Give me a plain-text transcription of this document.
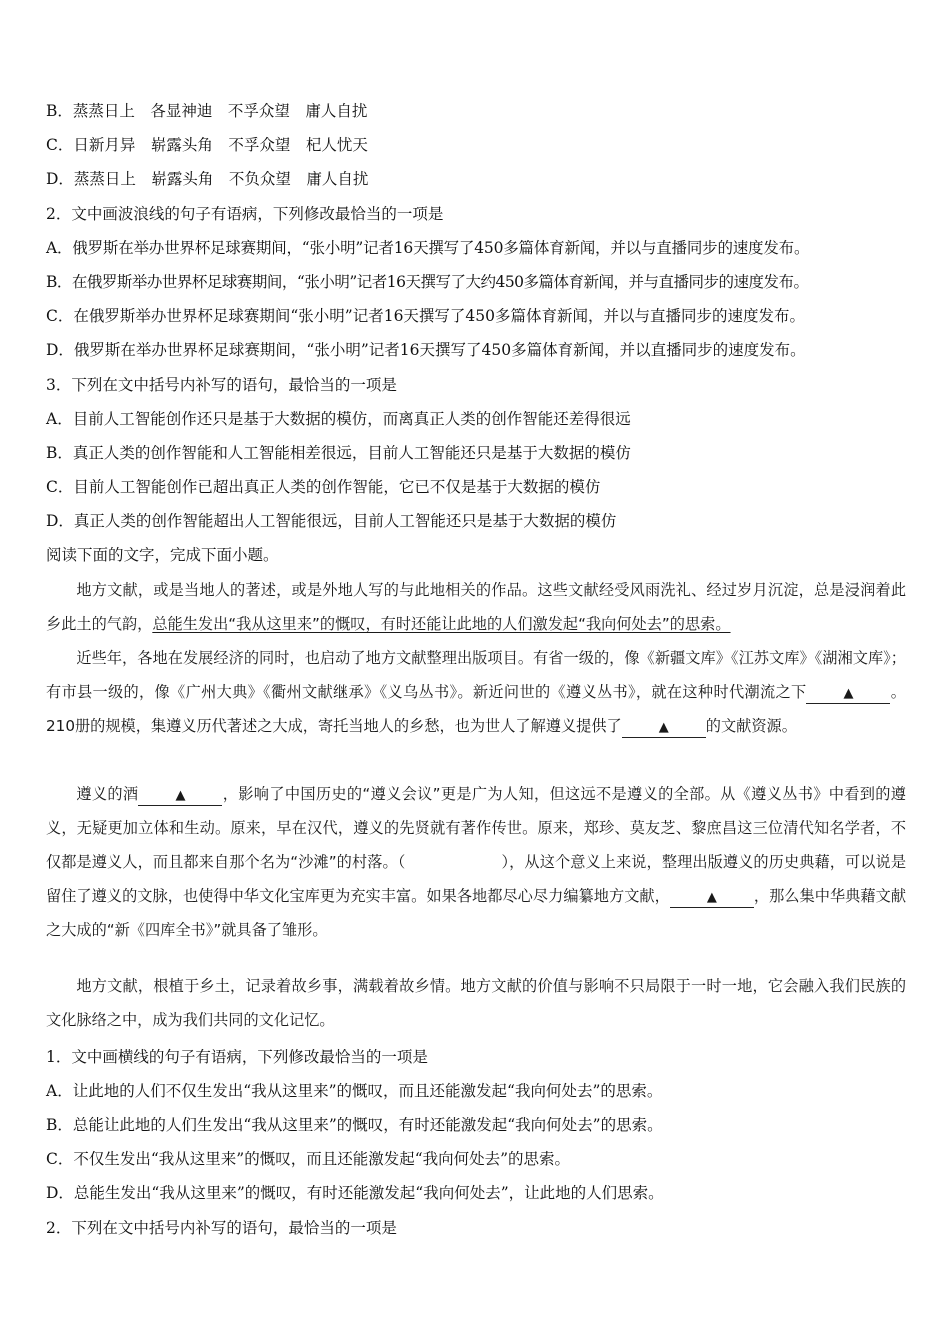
B．蒸蒸日上　各显神迪　不孚众望　庸人自扰
C．日新月异　崭露头角　不孚众望　杞人忧天
D．蒸蒸日上　崭露头角　不负众望　庸人自扰
2．文中画波浪线的句子有语病，下列修改最恰当的一项是
A．俄罗斯在举办世界杯足球赛期间，“张小明”记者16天撰写了450多篇体育新闻，并以与直播同步的速度发布。
B．在俄罗斯举办世界杯足球赛期间，“张小明”记者16天撰写了大约450多篇体育新闻，并与直播同步的速度发布。
C．在俄罗斯举办世界杯足球赛期间“张小明”记者16天撰写了450多篇体育新闻，并以与直播同步的速度发布。
D．俄罗斯在举办世界杯足球赛期间，“张小明”记者16天撰写了450多篇体育新闻，并以直播同步的速度发布。
3．下列在文中括号内补写的语句，最恰当的一项是
A．目前人工智能创作还只是基于大数据的模仿，而离真正人类的创作智能还差得很远
B．真正人类的创作智能和人工智能相差很远，目前人工智能还只是基于大数据的模仿
C．目前人工智能创作已超出真正人类的创作智能，它已不仅是基于大数据的模仿
D．真正人类的创作智能超出人工智能很远，目前人工智能还只是基于大数据的模仿
阅读下面的文字，完成下面小题。
地方文献，或是当地人的著述，或是外地人写的与此地相关的作品。这些文献经受风雨洗礼、经过岁月沉淀，总是浸润着此乡此土的气韵，总能生发出“我从这里来”的慨叹，有时还能让此地的人们激发起“我向何处去”的思索。
近些年，各地在发展经济的同时，也启动了地方文献整理出版项目。有省一级的，像《新疆文库》《江苏文库》《湖湘文库》；有市县一级的，像《广州大典》《衢州文献继承》《义乌丛书》。新近问世的《遵义丛书》，就在这种时代潮流之下	▲ 。210册的规模，集遵义历代著述之大成，寄托当地人的乡愁，也为世人了解遵义提供了	▲ 的文献资源。
遵义的酒	▲ ，影响了中国历史的“遵义会议”更是广为人知，但这远不是遵义的全部。从《遵义丛书》中看到的遵义，无疑更加立体和生动。原来，早在汉代，遵义的先贤就有著作传世。原来，郑珍、莫友芝、黎庶昌这三位清代知名学者，不仅都是遵义人，而且都来自那个名为“沙滩”的村落。（	），从这个意义上来说，整理出版遵义的历史典藉，可以说是留住了遵义的文脉，也使得中华文化宝库更为充实丰富。如果各地都尽心尽力编纂地方文献，	▲ ，那么集中华典藉文献之大成的“新《四库全书》”就具备了雏形。
地方文献，根植于乡土，记录着故乡事，满载着故乡情。地方文献的价值与影响不只局限于一时一地，它会融入我们民族的文化脉络之中，成为我们共同的文化记忆。
1．文中画横线的句子有语病，下列修改最恰当的一项是
A．让此地的人们不仅生发出“我从这里来”的慨叹，而且还能激发起“我向何处去”的思索。
B．总能让此地的人们生发出“我从这里来”的慨叹，有时还能激发起“我向何处去”的思索。
C．不仅生发出“我从这里来”的慨叹，而且还能激发起“我向何处去”的思索。
D．总能生发出“我从这里来”的慨叹，有时还能激发起“我向何处去”，让此地的人们思索。
2．下列在文中括号内补写的语句，最恰当的一项是
